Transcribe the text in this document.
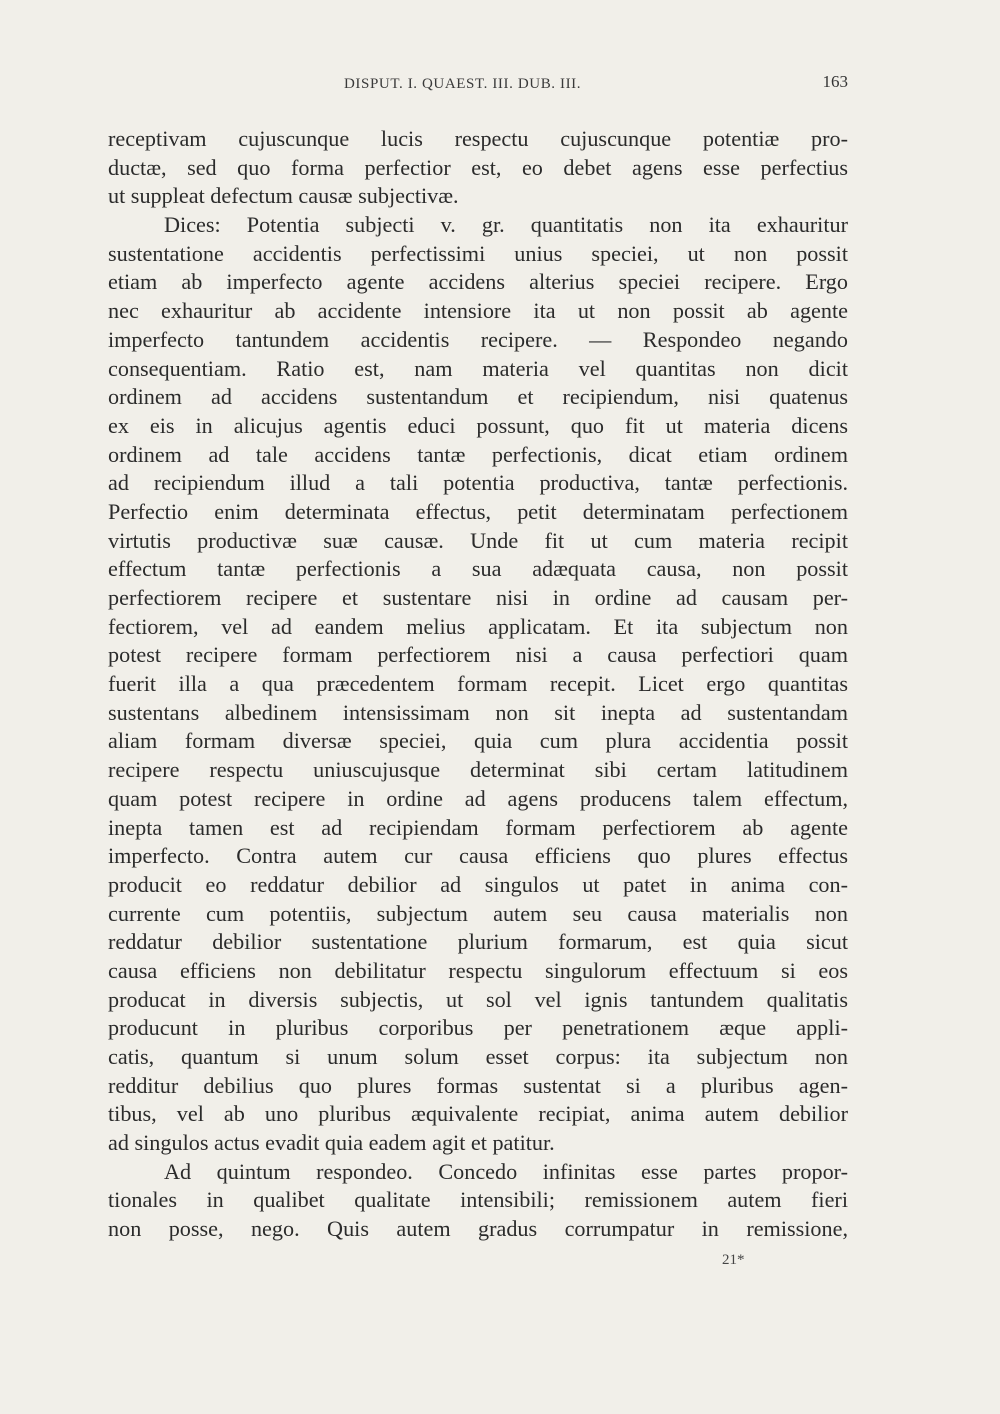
DISPUT. I. QUAEST. III. DUB. III.	163
receptivam cujuscunque lucis respectu cujuscunque potentiæ pro-
ductæ, sed quo forma perfectior est, eo debet agens esse perfectius
ut suppleat defectum causæ subjectivæ.
Dices: Potentia subjecti v. gr. quantitatis non ita exhauritur
sustentatione accidentis perfectissimi unius speciei, ut non possit
etiam ab imperfecto agente accidens alterius speciei recipere. Ergo
nec exhauritur ab accidente intensiore ita ut non possit ab agente
imperfecto tantundem accidentis recipere. — Respondeo negando
consequentiam. Ratio est, nam materia vel quantitas non dicit
ordinem ad accidens sustentandum et recipiendum, nisi quatenus
ex eis in alicujus agentis educi possunt, quo fit ut materia dicens
ordinem ad tale accidens tantæ perfectionis, dicat etiam ordinem
ad recipiendum illud a tali potentia productiva, tantæ perfectionis.
Perfectio enim determinata effectus, petit determinatam perfectionem
virtutis productivæ suæ causæ. Unde fit ut cum materia recipit
effectum tantæ perfectionis a sua adæquata causa, non possit
perfectiorem recipere et sustentare nisi in ordine ad causam per-
fectiorem, vel ad eandem melius applicatam. Et ita subjectum non
potest recipere formam perfectiorem nisi a causa perfectiori quam
fuerit illa a qua præcedentem formam recepit. Licet ergo quantitas
sustentans albedinem intensissimam non sit inepta ad sustentandam
aliam formam diversæ speciei, quia cum plura accidentia possit
recipere respectu uniuscujusque determinat sibi certam latitudinem
quam potest recipere in ordine ad agens producens talem effectum,
inepta tamen est ad recipiendam formam perfectiorem ab agente
imperfecto. Contra autem cur causa efficiens quo plures effectus
producit eo reddatur debilior ad singulos ut patet in anima con-
currente cum potentiis, subjectum autem seu causa materialis non
reddatur debilior sustentatione plurium formarum, est quia sicut
causa efficiens non debilitatur respectu singulorum effectuum si eos
producat in diversis subjectis, ut sol vel ignis tantundem qualitatis
producunt in pluribus corporibus per penetrationem æque appli-
catis, quantum si unum solum esset corpus: ita subjectum non
redditur debilius quo plures formas sustentat si a pluribus agen-
tibus, vel ab uno pluribus æquivalente recipiat, anima autem debilior
ad singulos actus evadit quia eadem agit et patitur.
Ad quintum respondeo. Concedo infinitas esse partes propor-
tionales in qualibet qualitate intensibili; remissionem autem fieri
non posse, nego. Quis autem gradus corrumpatur in remissione,
21*
